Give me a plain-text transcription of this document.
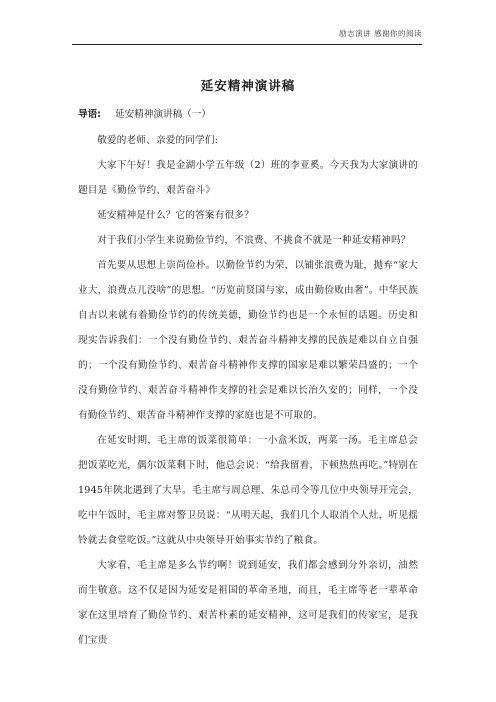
励志演讲 感谢你的阅读
延安精神演讲稿
导语: 延安精神演讲稿（一）

敬爱的老师、亲爱的同学们:

大家下午好！我是金湖小学五年级（2）班的李亚奚。今天我为大家演讲的题目是《勤俭节约、艰苦奋斗》

延安精神是什么？它的答案有很多？

对于我们小学生来说勤俭节约，不浪费、不挑食不就是一种延安精神吗？

首先要从思想上崇尚俭朴。以勤俭节约为荣，以铺张浪费为耻，抛弃“家大业大，浪费点儿没啥”的思想。“历览前贤国与家，成由勤俭败由奢”。中华民族自古以来就有着勤俭节约的传统美德，勤俭节约也是一个永恒的话题。历史和现实告诉我们：一个没有勤俭节约、艰苦奋斗精神支撑的民族是难以自立自强的；一个没有勤俭节约、艰苦奋斗精神作支撑的国家是难以繁荣昌盛的；一个没有勤俭节约、艰苦奋斗精神作支撑的社会是难以长治久安的；同样，一个没有勤俭节约、艰苦奋斗精神作支撑的家庭也是不可取的。

在延安时期，毛主席的饭菜很简单：一小盒米饭，两菜一汤。毛主席总会把饭菜吃光，偶尔饭菜剩下时，他总会说：“给我留着，下顿热热再吃。”特别在1945年陕北遇到了大旱。毛主席与周总理、朱总司令等几位中央领导开完会，吃中午饭时，毛主席对警卫员说：“从明天起，我们几个人取消个人灶，听见摇铃就去食堂吃饭。”这就从中央领导开始事实节约了粮食。

大家看，毛主席是多么节约啊！说到延安，我们都会感到分外亲切，油然而生敬意。这不仅是因为延安是祖国的革命圣地，而且，毛主席等老一辈革命家在这里培育了勤俭节约、艰苦朴素的延安精神，这可是我们的传家宝，是我们宝贵
